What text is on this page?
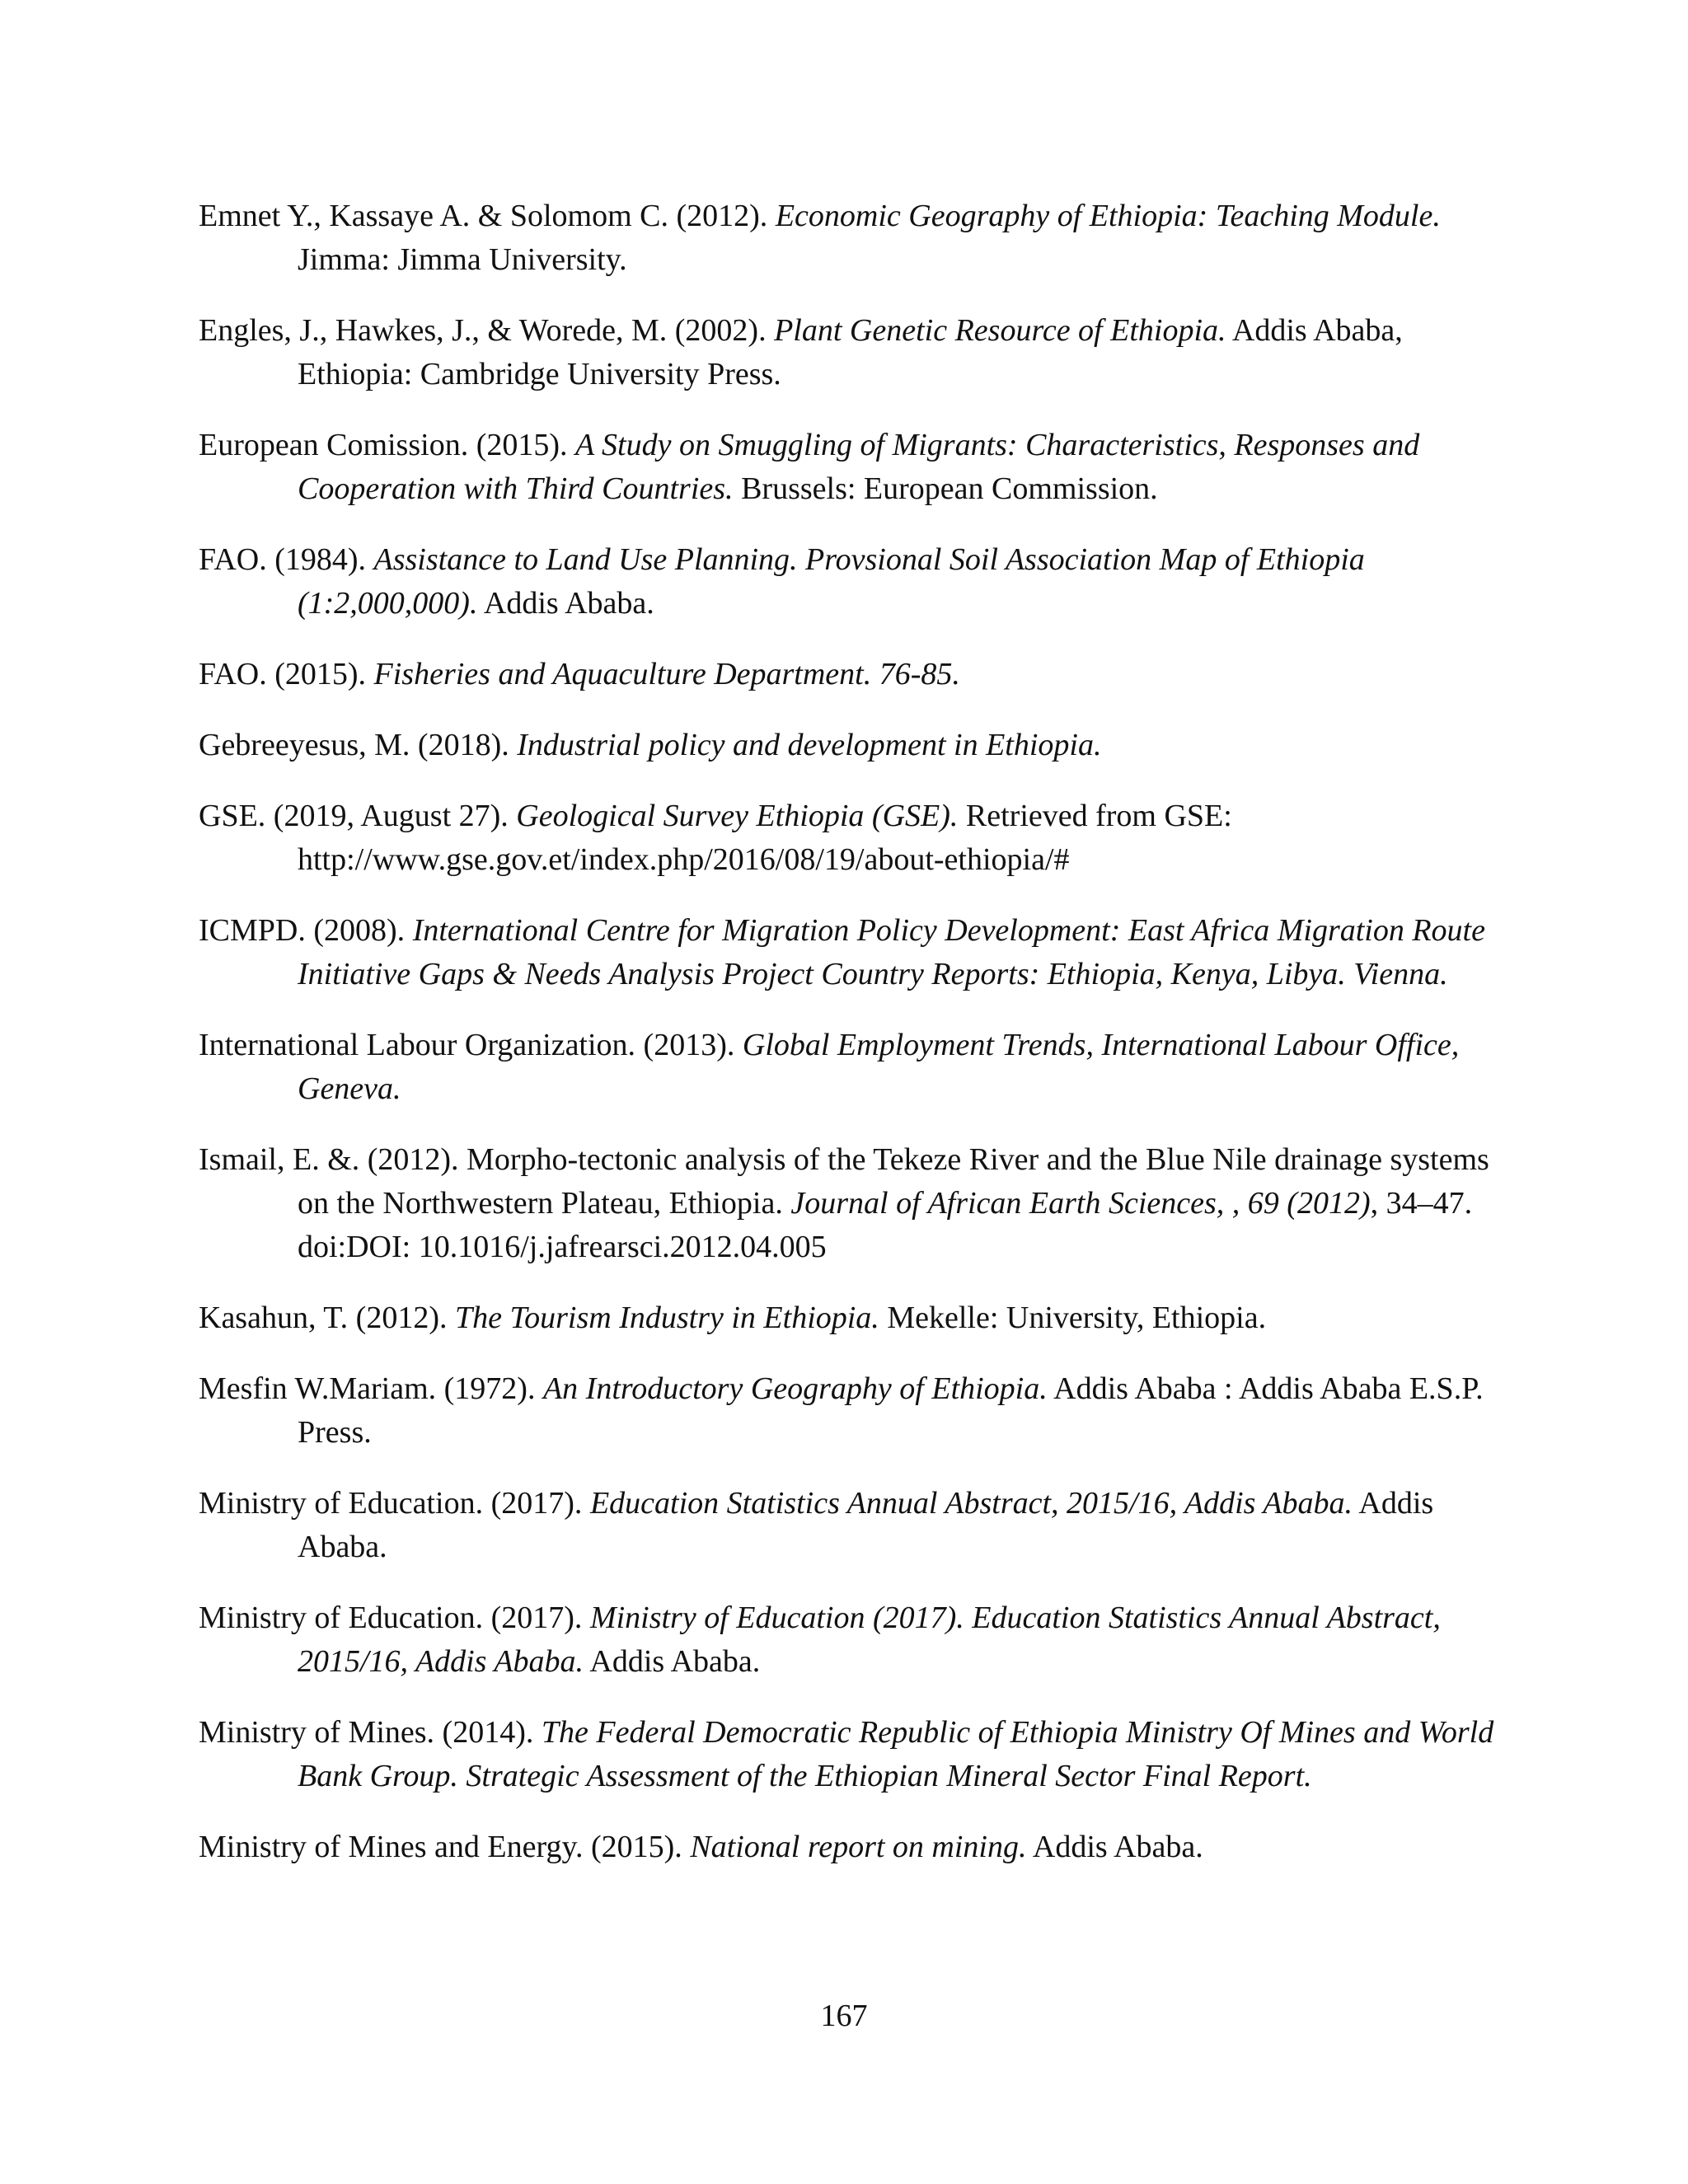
Emnet Y., Kassaye A. & Solomom C. (2012). Economic Geography of Ethiopia: Teaching Module. Jimma: Jimma University.
Engles, J., Hawkes, J., & Worede, M. (2002). Plant Genetic Resource of Ethiopia. Addis Ababa, Ethiopia: Cambridge University Press.
European Comission. (2015). A Study on Smuggling of Migrants: Characteristics, Responses and Cooperation with Third Countries. Brussels: European Commission.
FAO. (1984). Assistance to Land Use Planning. Provsional Soil Association Map of Ethiopia (1:2,000,000). Addis Ababa.
FAO. (2015). Fisheries and Aquaculture Department. 76-85.
Gebreeyesus, M. (2018). Industrial policy and development in Ethiopia.
GSE. (2019, August 27). Geological Survey Ethiopia (GSE). Retrieved from GSE: http://www.gse.gov.et/index.php/2016/08/19/about-ethiopia/#
ICMPD. (2008). International Centre for Migration Policy Development: East Africa Migration Route Initiative Gaps & Needs Analysis Project Country Reports: Ethiopia, Kenya, Libya. Vienna.
International Labour Organization. (2013). Global Employment Trends, International Labour Office, Geneva.
Ismail, E. &. (2012). Morpho-tectonic analysis of the Tekeze River and the Blue Nile drainage systems on the Northwestern Plateau, Ethiopia. Journal of African Earth Sciences, , 69 (2012), 34–47. doi:DOI: 10.1016/j.jafrearsci.2012.04.005
Kasahun, T. (2012). The Tourism Industry in Ethiopia. Mekelle: University, Ethiopia.
Mesfin W.Mariam. (1972). An Introductory Geography of Ethiopia. Addis Ababa : Addis Ababa E.S.P. Press.
Ministry of Education. (2017). Education Statistics Annual Abstract, 2015/16, Addis Ababa. Addis Ababa.
Ministry of Education. (2017). Ministry of Education (2017). Education Statistics Annual Abstract, 2015/16, Addis Ababa. Addis Ababa.
Ministry of Mines. (2014). The Federal Democratic Republic of Ethiopia Ministry Of Mines and World Bank Group. Strategic Assessment of the Ethiopian Mineral Sector Final Report.
Ministry of Mines and Energy. (2015). National report on mining. Addis Ababa.
167
